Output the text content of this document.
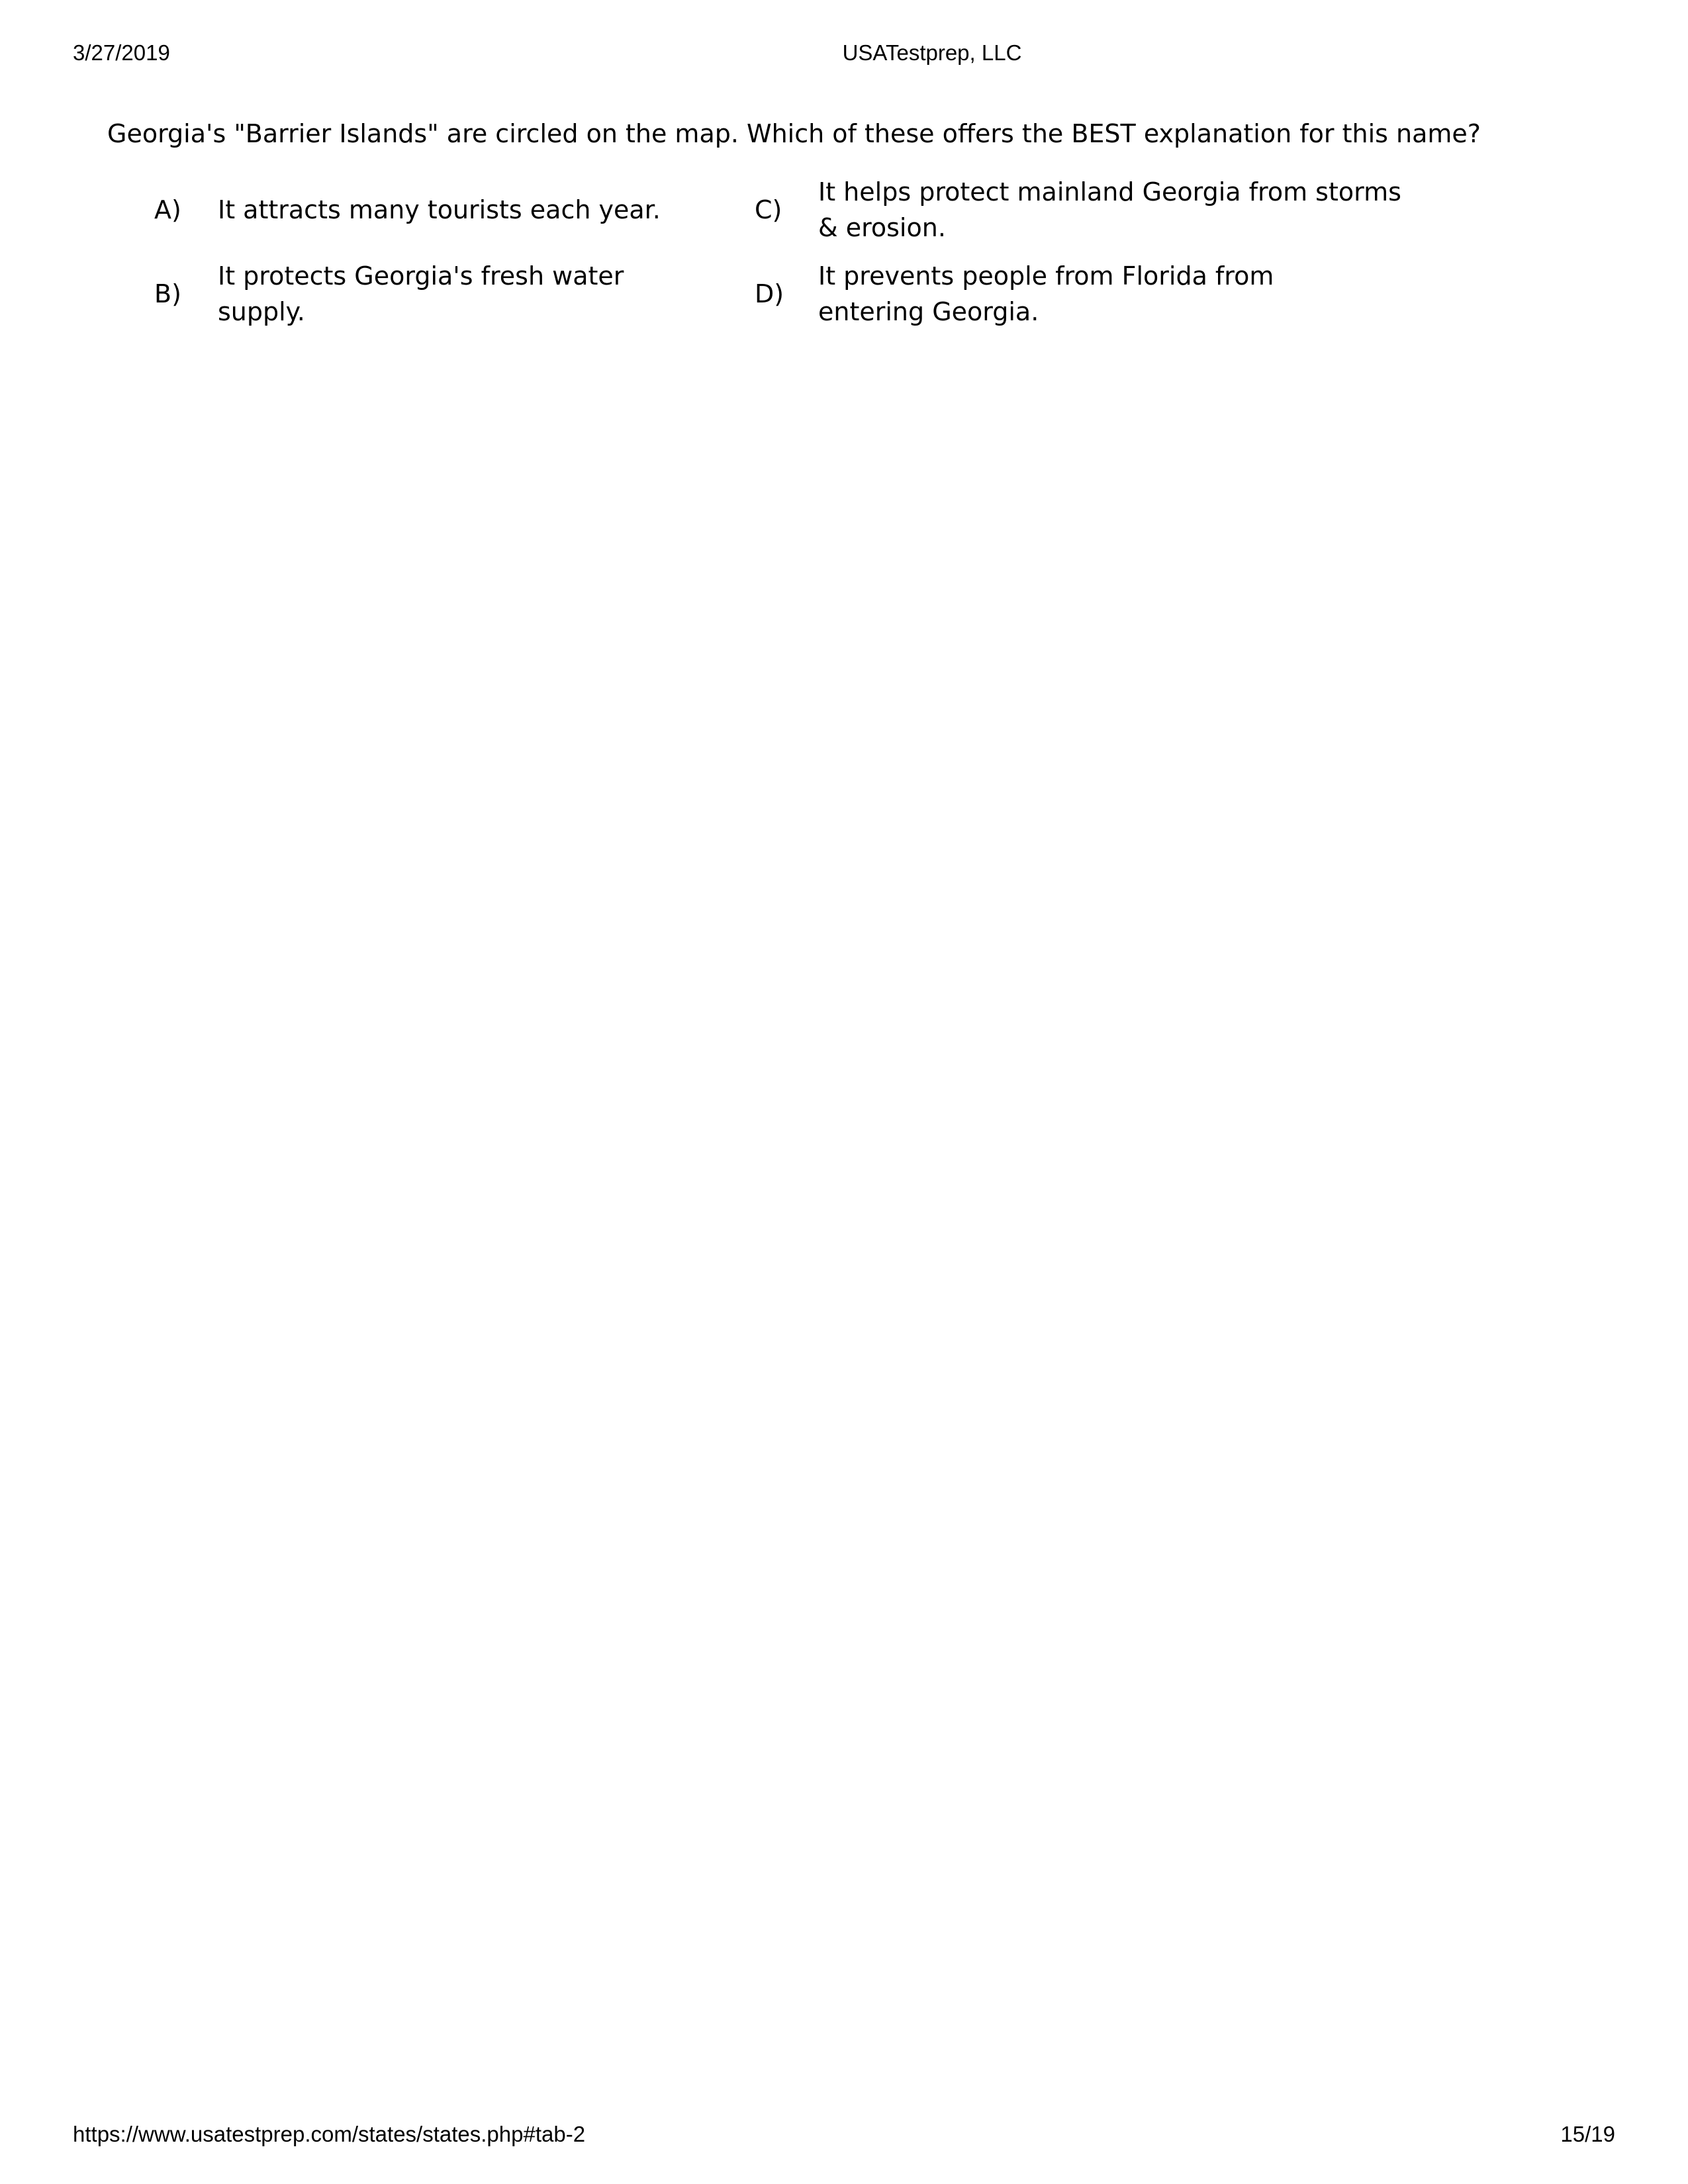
3/27/2019	USATestprep, LLC
Georgia's "Barrier Islands" are circled on the map. Which of these offers the BEST explanation for this name?
A)	It attracts many tourists each year.	C)
It helps protect mainland Georgia from storms & erosion.
B)
It protects Georgia's fresh water supply.
D)
It prevents people from Florida from entering Georgia.
https://www.usatestprep.com/states/states.php#tab-2	15/19
